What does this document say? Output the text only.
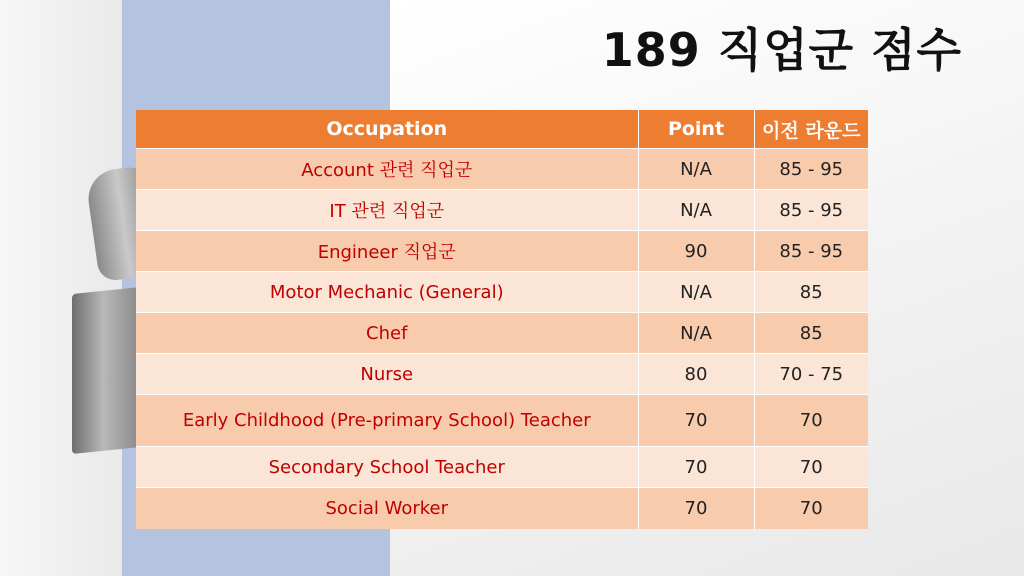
189 직업군 점수
Occupation	Point	이전 라운드
Account 관련 직업군	N/A	85 - 95
IT 관련 직업군	N/A	85 - 95
Engineer 직업군	90	85 - 95
Motor Mechanic (General)	N/A	85
Chef	N/A	85
Nurse	80	70 - 75
Early Childhood (Pre-primary School) Teacher	70	70
Secondary School Teacher	70	70
Social Worker	70	70
